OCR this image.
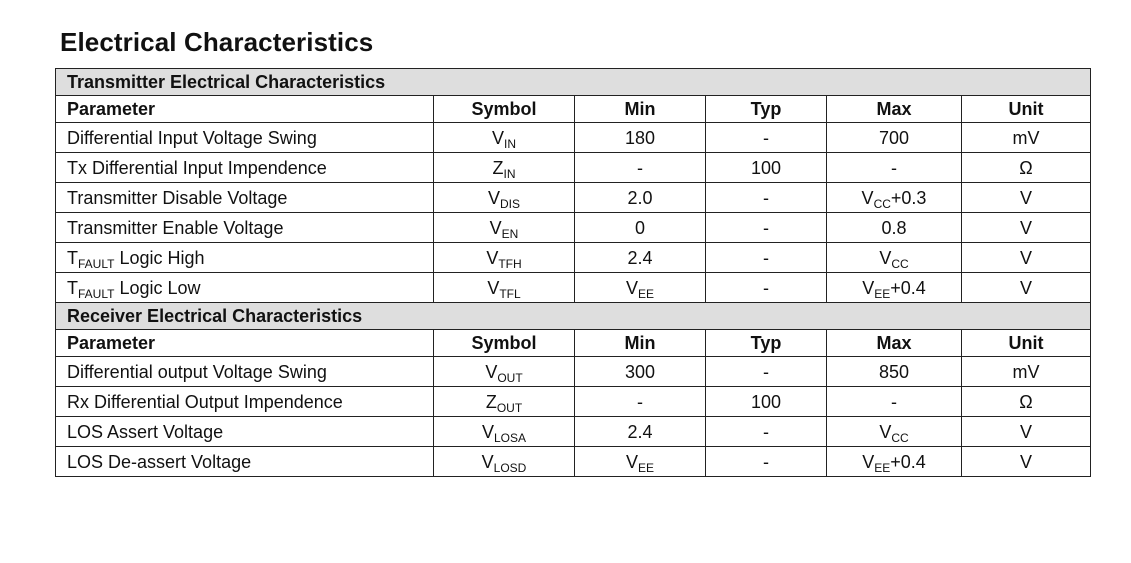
Electrical Characteristics
Transmitter Electrical Characteristics					
Parameter	Symbol	Min	Typ	Max	Unit
Differential Input Voltage Swing	$V_{IN}$	180	-	700	mV
Tx Differential Input Impendence	$Z_{IN}$	-	100	-	Ω
Transmitter Disable Voltage	$V_{DIS}$	2.0	-	$V_{CC}+0.3$	V
Transmitter Enable Voltage	$V_{EN}$	0	-	0.8	V
$T_{FAULT}$ Logic High	$V_{TFH}$	2.4	-	$V_{CC}$	V
$T_{FAULT}$ Logic Low	$V_{TFL}$	$V_{EE}$	-	$V_{EE}+0.4$	V
Receiver Electrical Characteristics					
Parameter	Symbol	Min	Typ	Max	Unit
Differential output Voltage Swing	$V_{OUT}$	300	-	850	mV
Rx Differential Output Impendence	$Z_{OUT}$	-	100	-	Ω
LOS Assert Voltage	$V_{LOSA}$	2.4	-	$V_{CC}$	V
LOS De-assert Voltage	$V_{LOSD}$	$V_{EE}$	-	$V_{EE}+0.4$	V
